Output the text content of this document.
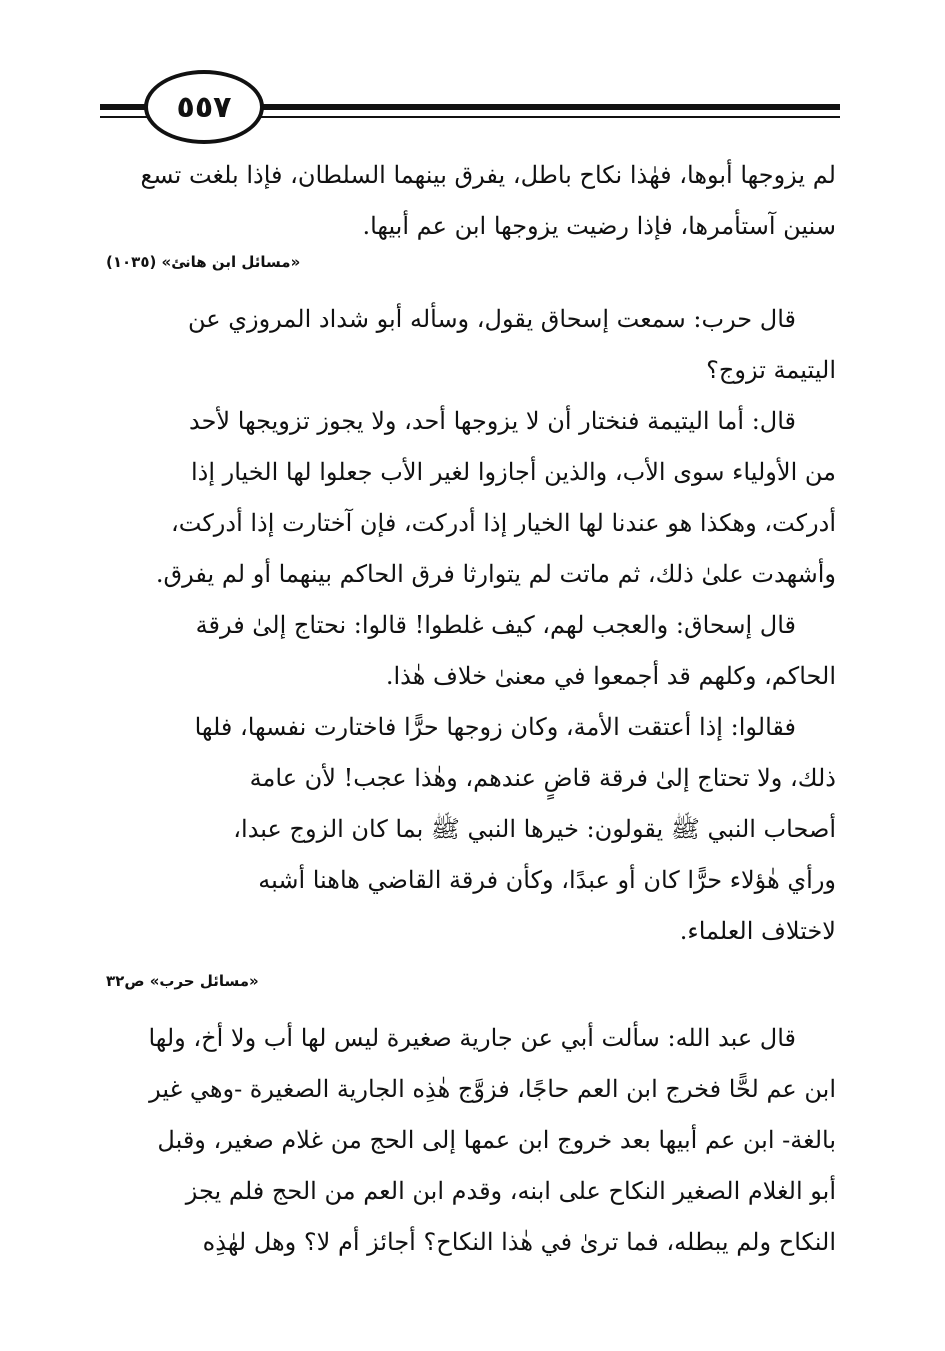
٥٥٧

لم يزوجها أبوها، فهٰذا نكاح باطل، يفرق بينهما السلطان، فإذا بلغت تسع

سنين آستأمرها، فإذا رضيت يزوجها ابن عم أبيها.

«مسائل ابن هانئ» (١٠٣٥)

قال حرب: سمعت إسحاق يقول، وسأله أبو شداد المروزي عن

اليتيمة تزوج؟

قال: أما اليتيمة فنختار أن لا يزوجها أحد، ولا يجوز تزويجها لأحد

من الأولياء سوى الأب، والذين أجازوا لغير الأب جعلوا لها الخيار إذا

أدركت، وهكذا هو عندنا لها الخيار إذا أدركت، فإن آختارت إذا أدركت،

وأشهدت علىٰ ذلك، ثم ماتت لم يتوارثا فرق الحاكم بينهما أو لم يفرق.

قال إسحاق: والعجب لهم، كيف غلطوا! قالوا: نحتاج إلىٰ فرقة

الحاكم، وكلهم قد أجمعوا في معنىٰ خلاف هٰذا.

فقالوا: إذا أعتقت الأمة، وكان زوجها حرًّا فاختارت نفسها، فلها

ذلك، ولا تحتاج إلىٰ فرقة قاضٍ عندهم، وهٰذا عجب! لأن عامة

أصحاب النبي ﷺ يقولون: خيرها النبي ﷺ بما كان الزوج عبدا،

ورأي هٰؤلاء حرًّا كان أو عبدًا، وكأن فرقة القاضي هاهنا أشبه

لاختلاف العلماء.

«مسائل حرب» ص٣٢

قال عبد الله: سألت أبي عن جارية صغيرة ليس لها أب ولا أخ، ولها

ابن عم لحًّا فخرج ابن العم حاجًا، فزوَّج هٰذِه الجارية الصغيرة -وهي غير

بالغة- ابن عم أبيها بعد خروج ابن عمها إلى الحج من غلام صغير، وقبل

أبو الغلام الصغير النكاح على ابنه، وقدم ابن العم من الحج فلم يجز

النكاح ولم يبطله، فما ترىٰ في هٰذا النكاح؟ أجائز أم لا؟ وهل لهٰذِه
